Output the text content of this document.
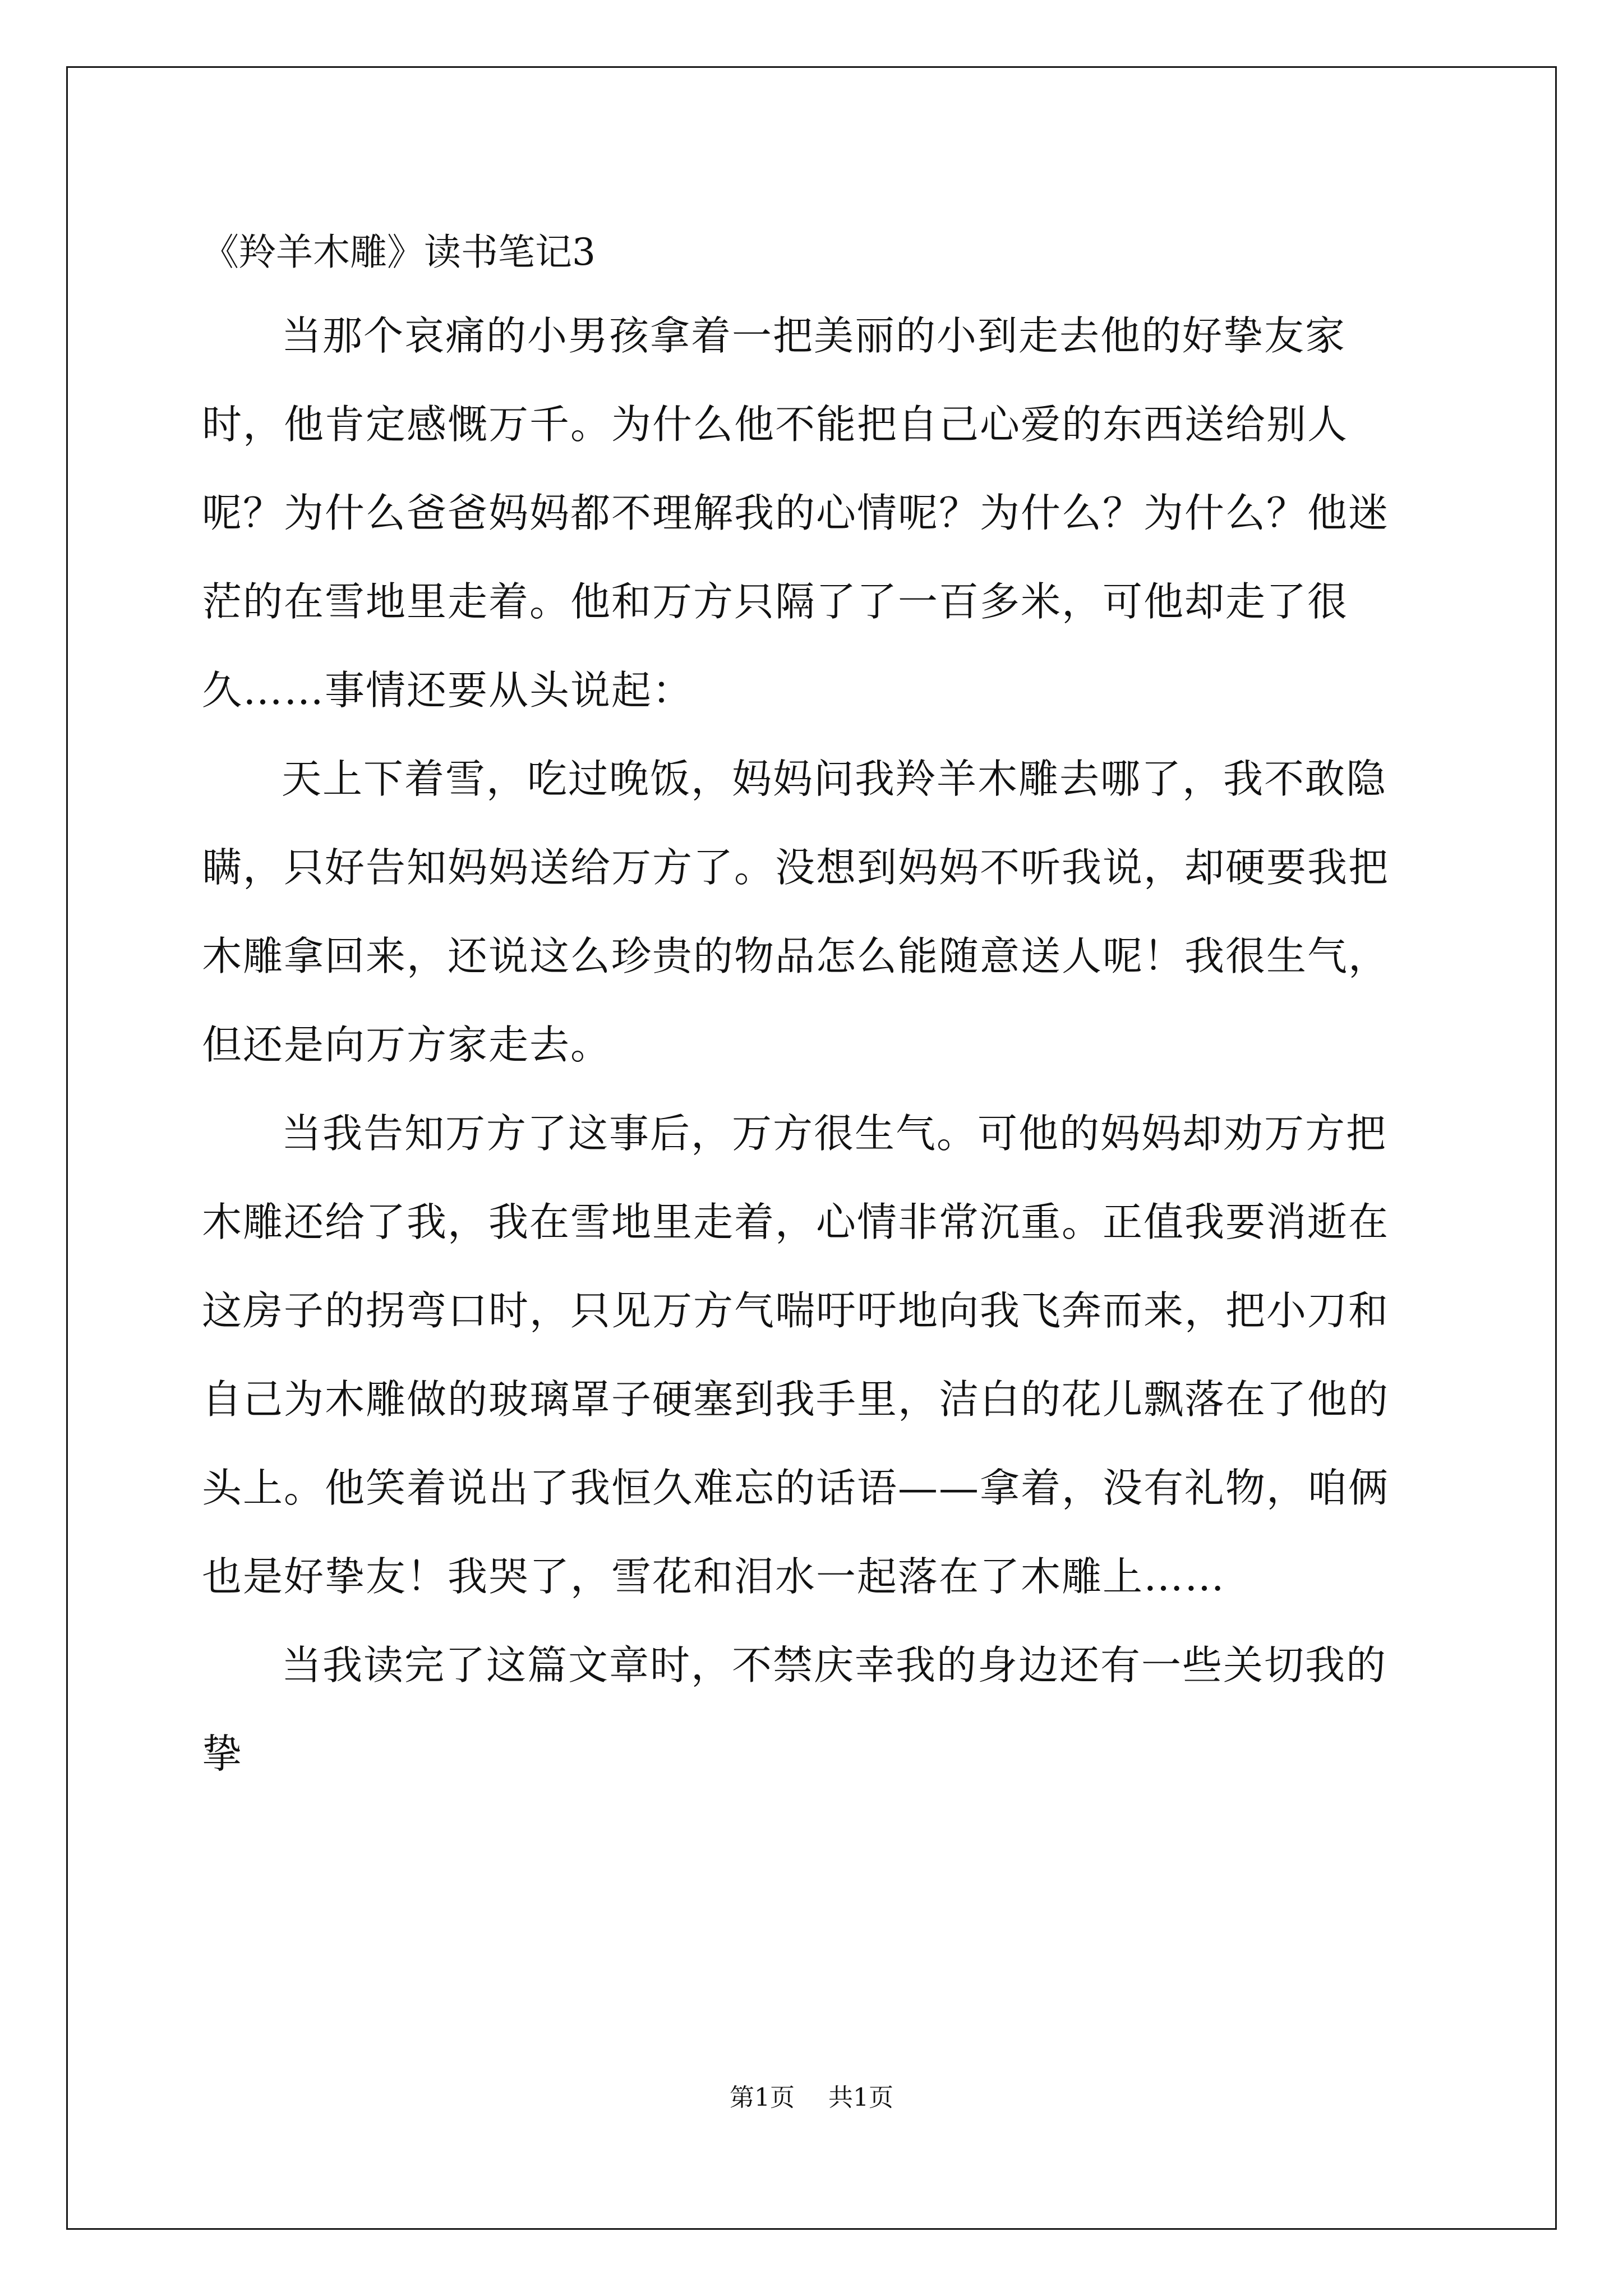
《羚羊木雕》读书笔记3

当那个哀痛的小男孩拿着一把美丽的小到走去他的好挚友家时，他肯定感慨万千。为什么他不能把自己心爱的东西送给别人呢？为什么爸爸妈妈都不理解我的心情呢？为什么？为什么？他迷茫的在雪地里走着。他和万方只隔了了一百多米，可他却走了很久……事情还要从头说起：

天上下着雪，吃过晚饭，妈妈问我羚羊木雕去哪了，我不敢隐瞒，只好告知妈妈送给万方了。没想到妈妈不听我说，却硬要我把木雕拿回来，还说这么珍贵的物品怎么能随意送人呢！我很生气，但还是向万方家走去。

当我告知万方了这事后，万方很生气。可他的妈妈却劝万方把木雕还给了我，我在雪地里走着，心情非常沉重。正值我要消逝在这房子的拐弯口时，只见万方气喘吁吁地向我飞奔而来，把小刀和自己为木雕做的玻璃罩子硬塞到我手里，洁白的花儿飘落在了他的头上。他笑着说出了我恒久难忘的话语——拿着，没有礼物，咱俩也是好挚友！我哭了，雪花和泪水一起落在了木雕上……

当我读完了这篇文章时，不禁庆幸我的身边还有一些关切我的挚

第1页 共1页
